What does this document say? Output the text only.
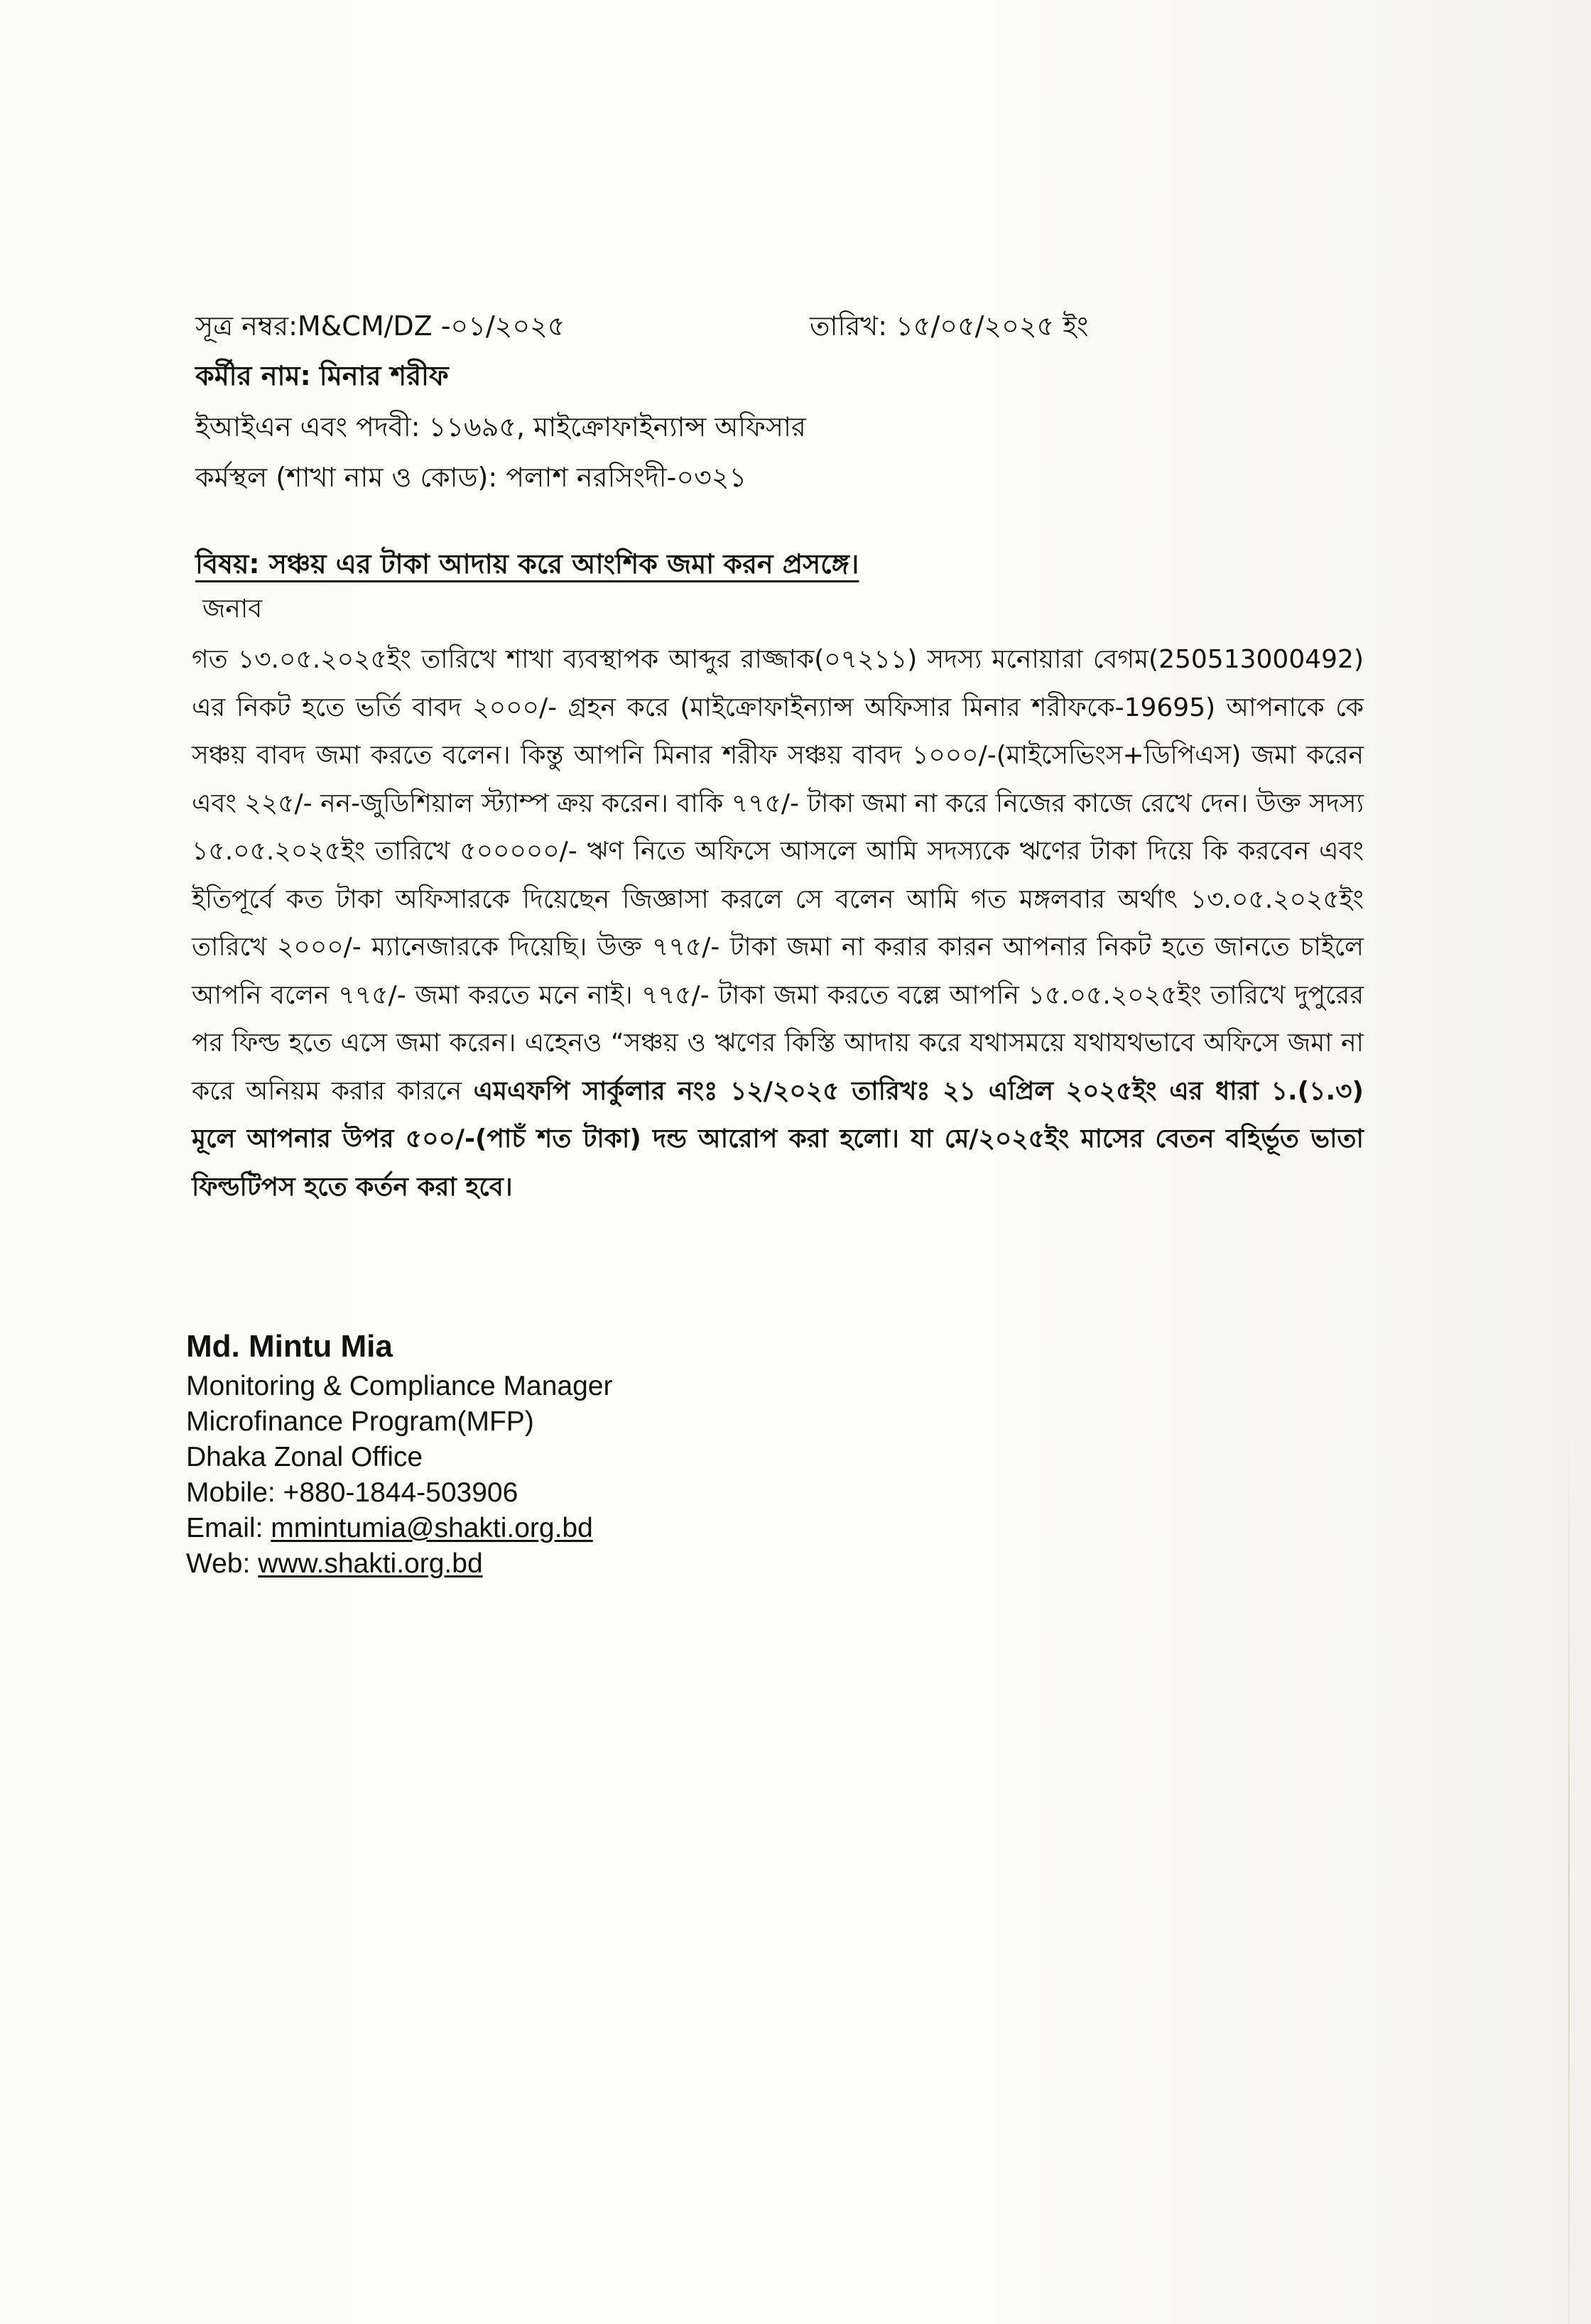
সূত্র নম্বর:M&CM/DZ -০১/২০২৫	তারিখ: ১৫/০৫/২০২৫ ইং
কর্মীর নাম: মিনার শরীফ
ইআইএন এবং পদবী: ১১৬৯৫, মাইক্রোফাইন্যান্স অফিসার
কর্মস্থল (শাখা নাম ও কোড): পলাশ নরসিংদী-০৩২১
বিষয়: সঞ্চয় এর টাকা আদায় করে আংশিক জমা করন প্রসঙ্গে।
জনাব
গত ১৩.০৫.২০২৫ইং তারিখে শাখা ব্যবস্থাপক আব্দুর রাজ্জাক(০৭২১১) সদস্য মনোয়ারা বেগম(250513000492) এর নিকট হতে ভর্তি বাবদ ২০০০/- গ্রহন করে (মাইক্রোফাইন্যান্স অফিসার মিনার শরীফকে-19695) আপনাকে কে সঞ্চয় বাবদ জমা করতে বলেন। কিন্তু আপনি মিনার শরীফ সঞ্চয় বাবদ ১০০০/-(মাইসেভিংস+ডিপিএস) জমা করেন এবং ২২৫/- নন-জুডিশিয়াল স্ট্যাম্প ক্রয় করেন। বাকি ৭৭৫/- টাকা জমা না করে নিজের কাজে রেখে দেন। উক্ত সদস্য ১৫.০৫.২০২৫ইং তারিখে ৫০০০০০/- ঋণ নিতে অফিসে আসলে আমি সদস্যকে ঋণের টাকা দিয়ে কি করবেন এবং ইতিপূর্বে কত টাকা অফিসারকে দিয়েছেন জিজ্ঞাসা করলে সে বলেন আমি গত মঙ্গলবার অর্থাৎ ১৩.০৫.২০২৫ইং তারিখে ২০০০/- ম্যানেজারকে দিয়েছি। উক্ত ৭৭৫/- টাকা জমা না করার কারন আপনার নিকট হতে জানতে চাইলে আপনি বলেন ৭৭৫/- জমা করতে মনে নাই। ৭৭৫/- টাকা জমা করতে বল্লে আপনি ১৫.০৫.২০২৫ইং তারিখে দুপুরের পর ফিল্ড হতে এসে জমা করেন। এহেনও “সঞ্চয় ও ঋণের কিস্তি আদায় করে যথাসময়ে যথাযথভাবে অফিসে জমা না করে অনিয়ম করার কারনে এমএফপি সার্কুলার নংঃ ১২/২০২৫ তারিখঃ ২১ এপ্রিল ২০২৫ইং এর ধারা ১.(১.৩) মূলে আপনার উপর ৫০০/-(পাচঁ শত টাকা) দন্ড আরোপ করা হলো। যা মে/২০২৫ইং মাসের বেতন বহির্ভূত ভাতা ফিল্ডটিপস হতে কর্তন করা হবে।
Md. Mintu Mia
Monitoring & Compliance Manager
Microfinance Program(MFP)
Dhaka Zonal Office
Mobile: +880-1844-503906
Email: mmintumia@shakti.org.bd
Web: www.shakti.org.bd
